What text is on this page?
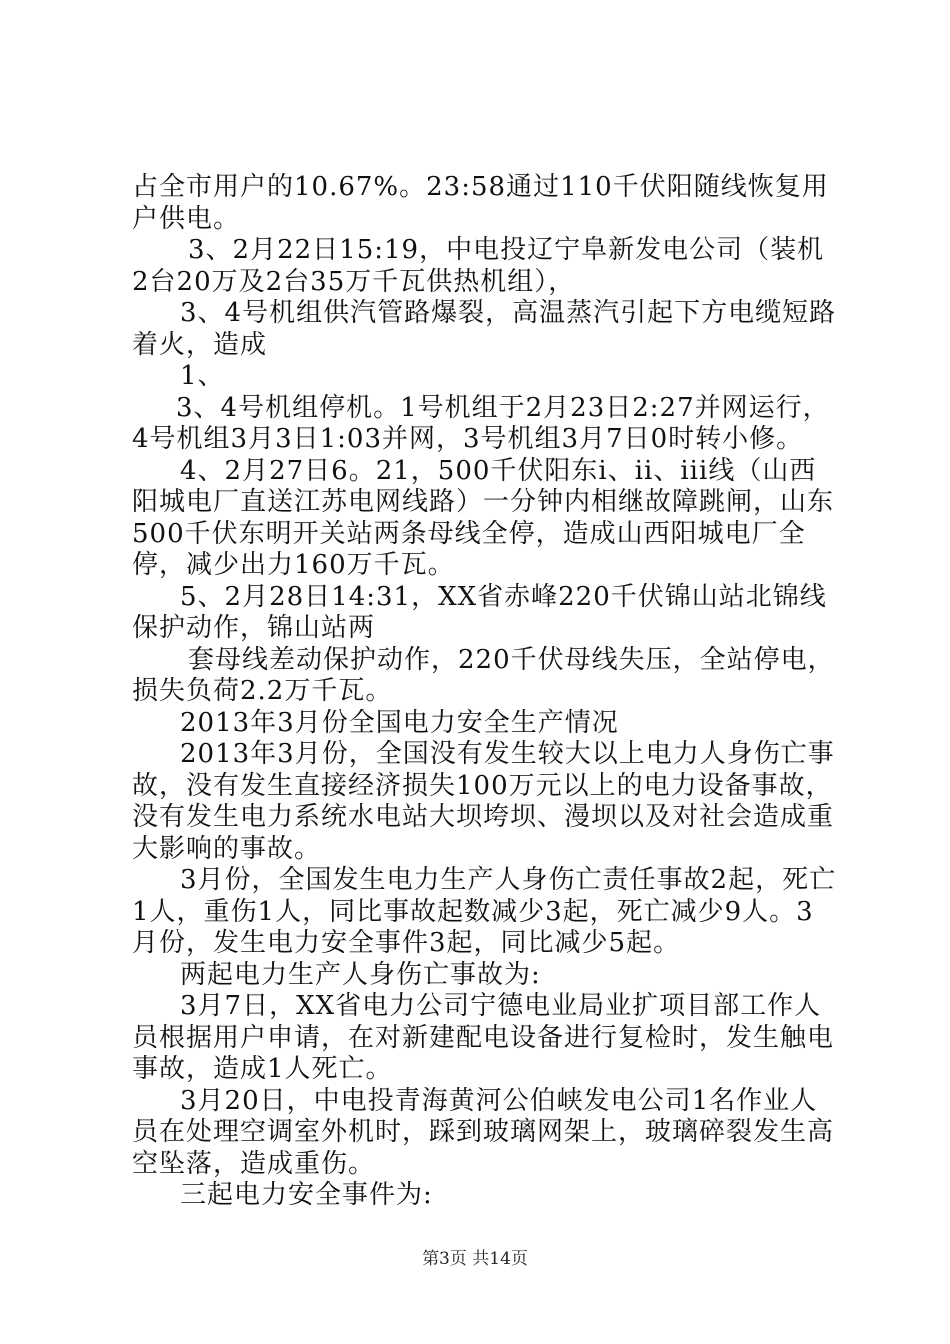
占全市用户的10.67%。23:58通过110千伏阳随线恢复用户供电。

3、2月22日15:19，中电投辽宁阜新发电公司（装机2台20万及2台35万千瓦供热机组），

3、4号机组供汽管路爆裂，高温蒸汽引起下方电缆短路着火，造成

1、

3、4号机组停机。1号机组于2月23日2:27并网运行，4号机组3月3日1:03并网，3号机组3月7日0时转小修。

4、2月27日6。21，500千伏阳东i、ii、iii线（山西阳城电厂直送江苏电网线路）一分钟内相继故障跳闸，山东500千伏东明开关站两条母线全停，造成山西阳城电厂全停，减少出力160万千瓦。

5、2月28日14:31，XX省赤峰220千伏锦山站北锦线保护动作，锦山站两

套母线差动保护动作，220千伏母线失压，全站停电，损失负荷2.2万千瓦。

2013年3月份全国电力安全生产情况

2013年3月份，全国没有发生较大以上电力人身伤亡事故，没有发生直接经济损失100万元以上的电力设备事故，没有发生电力系统水电站大坝垮坝、漫坝以及对社会造成重大影响的事故。

3月份，全国发生电力生产人身伤亡责任事故2起，死亡1人，重伤1人，同比事故起数减少3起，死亡减少9人。3月份，发生电力安全事件3起，同比减少5起。

两起电力生产人身伤亡事故为:

3月7日，XX省电力公司宁德电业局业扩项目部工作人员根据用户申请，在对新建配电设备进行复检时，发生触电事故，造成1人死亡。

3月20日，中电投青海黄河公伯峡发电公司1名作业人员在处理空调室外机时，踩到玻璃网架上，玻璃碎裂发生高空坠落，造成重伤。

三起电力安全事件为:

第3页 共14页
